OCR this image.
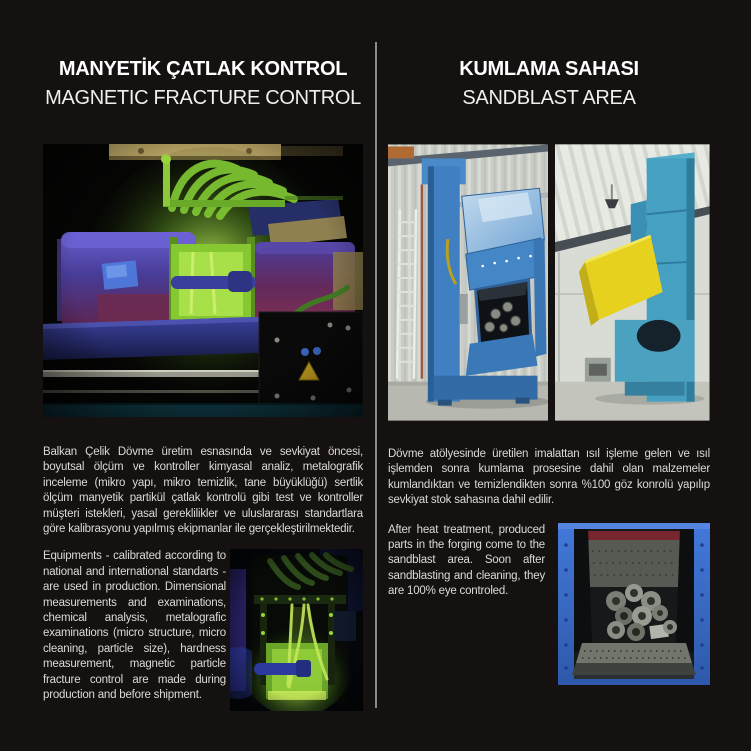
MANYETİK ÇATLAK KONTROL
MAGNETIC FRACTURE CONTROL
Balkan Çelik Dövme üretim esnasında ve sevkiyat öncesi, boyutsal ölçüm ve kontroller kimyasal analiz, metalografik inceleme (mikro yapı, mikro temizlik, tane büyüklüğü) sertlik ölçüm manyetik partikül çatlak kontrolü gibi test ve kontroller müşteri istekleri, yasal gereklilikler ve uluslararası standartlara göre kalibrasyonu yapılmış ekipmanlar ile gerçekleştirilmektedir.
Equipments - calibrated according to national and international standarts - are used in production. Dimensional measurements and examinations, chemical analysis, metalografic examinations (micro structure, micro cleaning, particle size), hardness measurement, magnetic particle fracture control are made during production and before shipment.
KUMLAMA SAHASI
SANDBLAST AREA
Dövme atölyesinde üretilen imalattan ısıl işleme gelen ve ısıl işlemden sonra kumlama prosesine dahil olan malzemeler kumlandıktan ve temizlendikten sonra %100 göz konrolü yapılıp sevkiyat stok sahasına dahil edilir.
After heat treatment, produced parts in the forging come to the sandblast area. Soon after sandblasting and cleaning, they are 100% eye controled.
